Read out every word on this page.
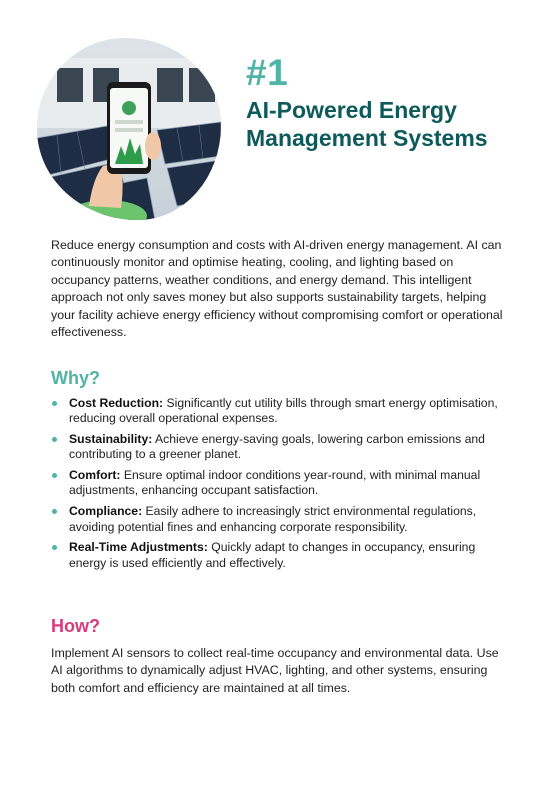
#1
AI-Powered Energy Management Systems

Reduce energy consumption and costs with AI-driven energy management. AI can continuously monitor and optimise heating, cooling, and lighting based on occupancy patterns, weather conditions, and energy demand. This intelligent approach not only saves money but also supports sustainability targets, helping your facility achieve energy efficiency without compromising comfort or operational effectiveness.

Why?
Cost Reduction: Significantly cut utility bills through smart energy optimisation, reducing overall operational expenses.
Sustainability: Achieve energy-saving goals, lowering carbon emissions and contributing to a greener planet.
Comfort: Ensure optimal indoor conditions year-round, with minimal manual adjustments, enhancing occupant satisfaction.
Compliance: Easily adhere to increasingly strict environmental regulations, avoiding potential fines and enhancing corporate responsibility.
Real-Time Adjustments: Quickly adapt to changes in occupancy, ensuring energy is used efficiently and effectively.
How?

Implement AI sensors to collect real-time occupancy and environmental data. Use AI algorithms to dynamically adjust HVAC, lighting, and other systems, ensuring both comfort and efficiency are maintained at all times.
